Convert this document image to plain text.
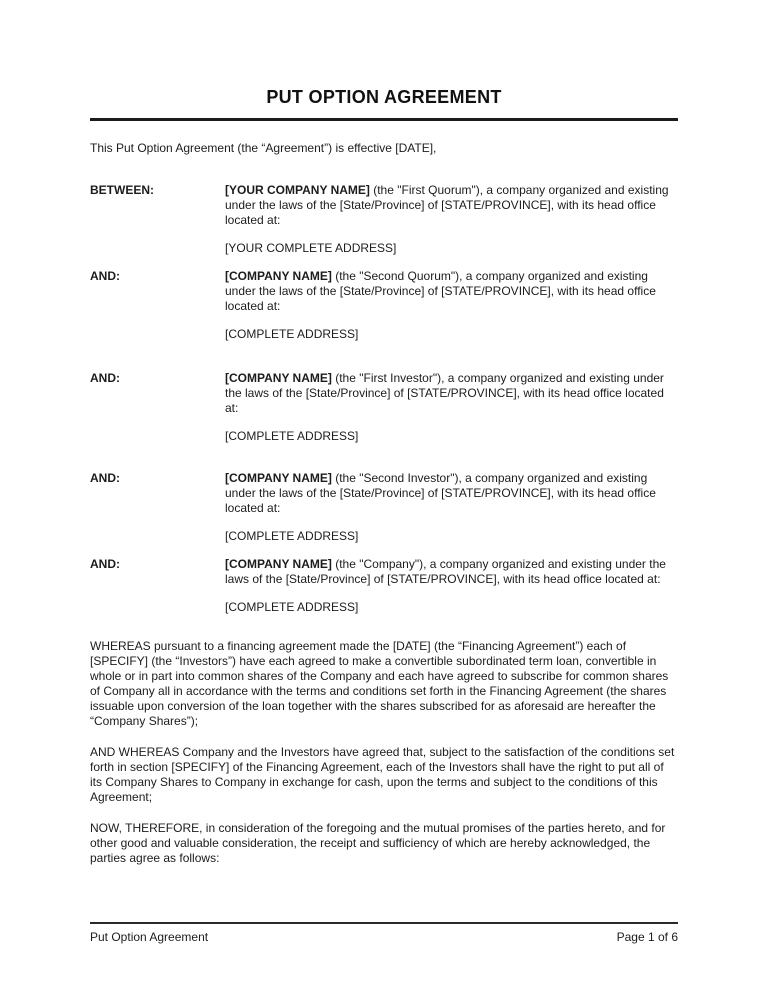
PUT OPTION AGREEMENT

This Put Option Agreement (the “Agreement”) is effective [DATE],

BETWEEN:	[YOUR COMPANY NAME] (the "First Quorum"), a company organized and existing under the laws of the [State/Province] of [STATE/PROVINCE], with its head office located at:
[YOUR COMPLETE ADDRESS]
AND:	[COMPANY NAME] (the "Second Quorum"), a company organized and existing under the laws of the [State/Province] of [STATE/PROVINCE], with its head office located at:
[COMPLETE ADDRESS]
AND:	[COMPANY NAME] (the "First Investor"), a company organized and existing under the laws of the [State/Province] of [STATE/PROVINCE], with its head office located at:
[COMPLETE ADDRESS]
AND:	[COMPANY NAME] (the "Second Investor"), a company organized and existing under the laws of the [State/Province] of [STATE/PROVINCE], with its head office located at:
[COMPLETE ADDRESS]
AND:	[COMPANY NAME] (the "Company"), a company organized and existing under the laws of the [State/Province] of [STATE/PROVINCE], with its head office located at:
[COMPLETE ADDRESS]

WHEREAS pursuant to a financing agreement made the [DATE] (the “Financing Agreement”) each of [SPECIFY] (the “Investors”) have each agreed to make a convertible subordinated term loan, convertible in whole or in part into common shares of the Company and each have agreed to subscribe for common shares of Company all in accordance with the terms and conditions set forth in the Financing Agreement (the shares issuable upon conversion of the loan together with the shares subscribed for as aforesaid are hereafter the “Company Shares”);

AND WHEREAS Company and the Investors have agreed that, subject to the satisfaction of the conditions set forth in section [SPECIFY] of the Financing Agreement, each of the Investors shall have the right to put all of its Company Shares to Company in exchange for cash, upon the terms and subject to the conditions of this Agreement;

NOW, THEREFORE, in consideration of the foregoing and the mutual promises of the parties hereto, and for other good and valuable consideration, the receipt and sufficiency of which are hereby acknowledged, the parties agree as follows:

Put Option Agreement	Page 1 of 6
